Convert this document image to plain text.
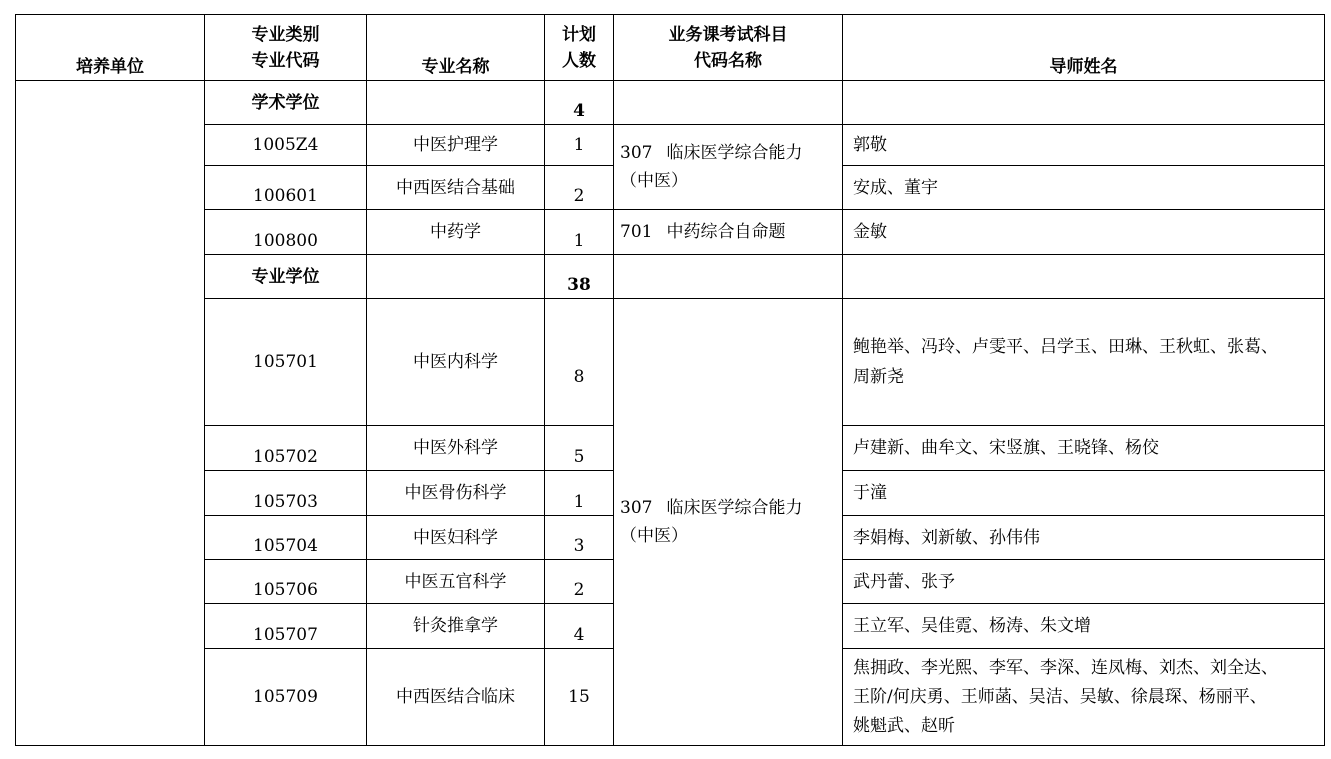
培养单位	专业类别
专业代码	专业名称	计划
人数	业务课考试科目
代码名称	导师姓名
	学术学位		4		
	1005Z4	中医护理学	1	307 临床医学综合能力
（中医）	郭敬
	100601	中西医结合基础	2		安成、董宇
	100800	中药学	1	701 中药综合自命题	金敏
	专业学位		38		
	105701	中医内科学	8	307 临床医学综合能力
（中医）	鲍艳举、冯玲、卢雯平、吕学玉、田琳、王秋虹、张葛、
周新尧

	105702	中医外科学	5		卢建新、曲牟文、宋竖旗、王晓锋、杨佼
	105703	中医骨伤科学	1		于潼
	105704	中医妇科学	3		李娟梅、刘新敏、孙伟伟
	105706	中医五官科学	2		武丹蕾、张予
	105707	针灸推拿学	4		王立军、吴佳霓、杨涛、朱文增
	105709	中西医结合临床	15		焦拥政、李光熙、李军、李深、连凤梅、刘杰、刘全达、
王阶/何庆勇、王师菡、吴洁、吴敏、徐晨琛、杨丽平、
姚魁武、赵昕
